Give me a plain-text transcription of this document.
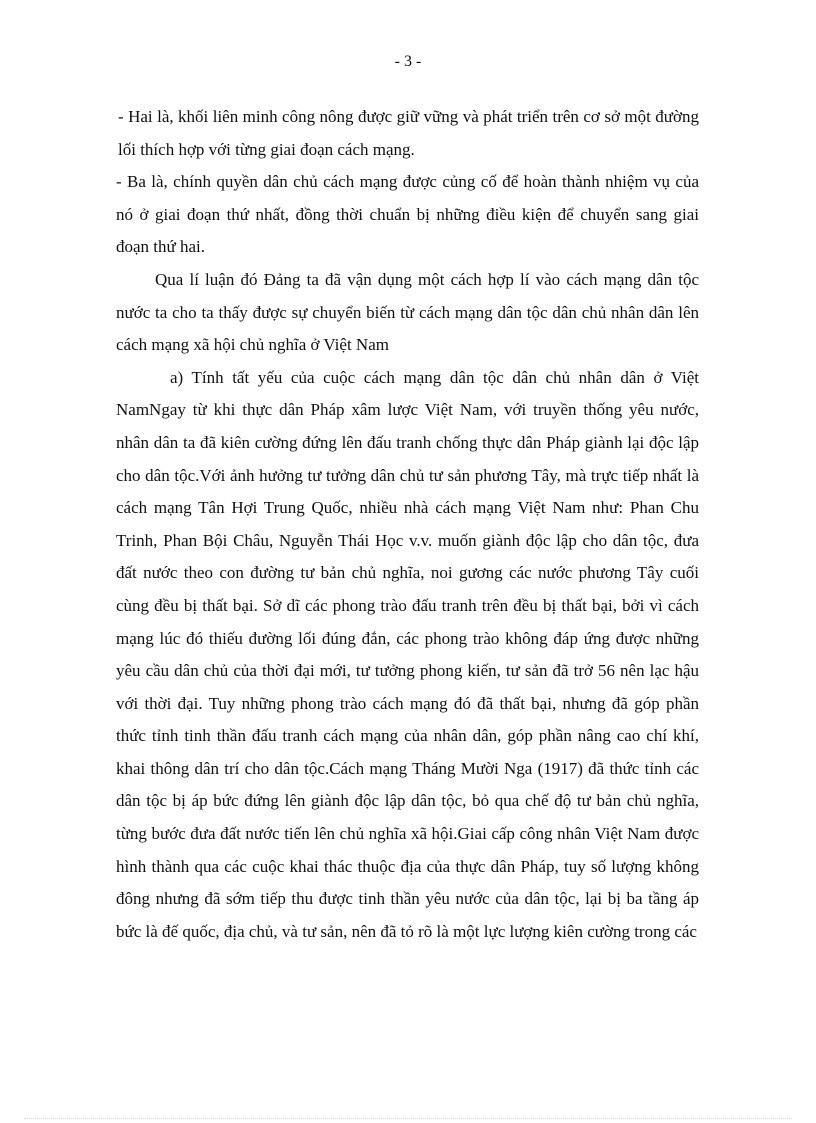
- 3 -

- Hai là, khối liên minh công nông được giữ vững và phát triển trên cơ sở một đường lối thích hợp với từng giai đoạn cách mạng.

- Ba là, chính quyền dân chủ cách mạng được củng cố để hoàn thành nhiệm vụ của nó ở giai đoạn thứ nhất, đồng thời chuẩn bị những điều kiện để chuyển sang giai đoạn thứ hai.

Qua lí luận đó Đảng ta đã vận dụng một cách hợp lí vào cách mạng dân tộc nước ta cho ta thấy được sự chuyển biến từ cách mạng dân tộc dân chủ nhân dân lên cách mạng xã hội chủ nghĩa ở Việt Nam

a) Tính tất yếu của cuộc cách mạng dân tộc dân chủ nhân dân ở Việt NamNgay từ khi thực dân Pháp xâm lược Việt Nam, với truyền thống yêu nước, nhân dân ta đã kiên cường đứng lên đấu tranh chống thực dân Pháp giành lại độc lập cho dân tộc.Với ảnh hưởng tư tưởng dân chủ tư sản phương Tây, mà trực tiếp nhất là cách mạng Tân Hợi Trung Quốc, nhiều nhà cách mạng Việt Nam như: Phan Chu Trinh, Phan Bội Châu, Nguyễn Thái Học v.v. muốn giành độc lập cho dân tộc, đưa đất nước theo con đường tư bản chủ nghĩa, noi gương các nước phương Tây cuối cùng đều bị thất bại. Sở dĩ các phong trào đấu tranh trên đều bị thất bại, bởi vì cách mạng lúc đó thiếu đường lối đúng đắn, các phong trào không đáp ứng được những yêu cầu dân chủ của thời đại mới, tư tưởng phong kiến, tư sản đã trở 56 nên lạc hậu với thời đại. Tuy những phong trào cách mạng đó đã thất bại, nhưng đã góp phần thức tỉnh tinh thần đấu tranh cách mạng của nhân dân, góp phần nâng cao chí khí, khai thông dân trí cho dân tộc.Cách mạng Tháng Mười Nga (1917) đã thức tỉnh các dân tộc bị áp bức đứng lên giành độc lập dân tộc, bỏ qua chế độ tư bản chủ nghĩa, từng bước đưa đất nước tiến lên chủ nghĩa xã hội.Giai cấp công nhân Việt Nam được hình thành qua các cuộc khai thác thuộc địa của thực dân Pháp, tuy số lượng không đông nhưng đã sớm tiếp thu được tinh thần yêu nước của dân tộc, lại bị ba tầng áp bức là đế quốc, địa chủ, và tư sản, nên đã tỏ rõ là một lực lượng kiên cường trong các
